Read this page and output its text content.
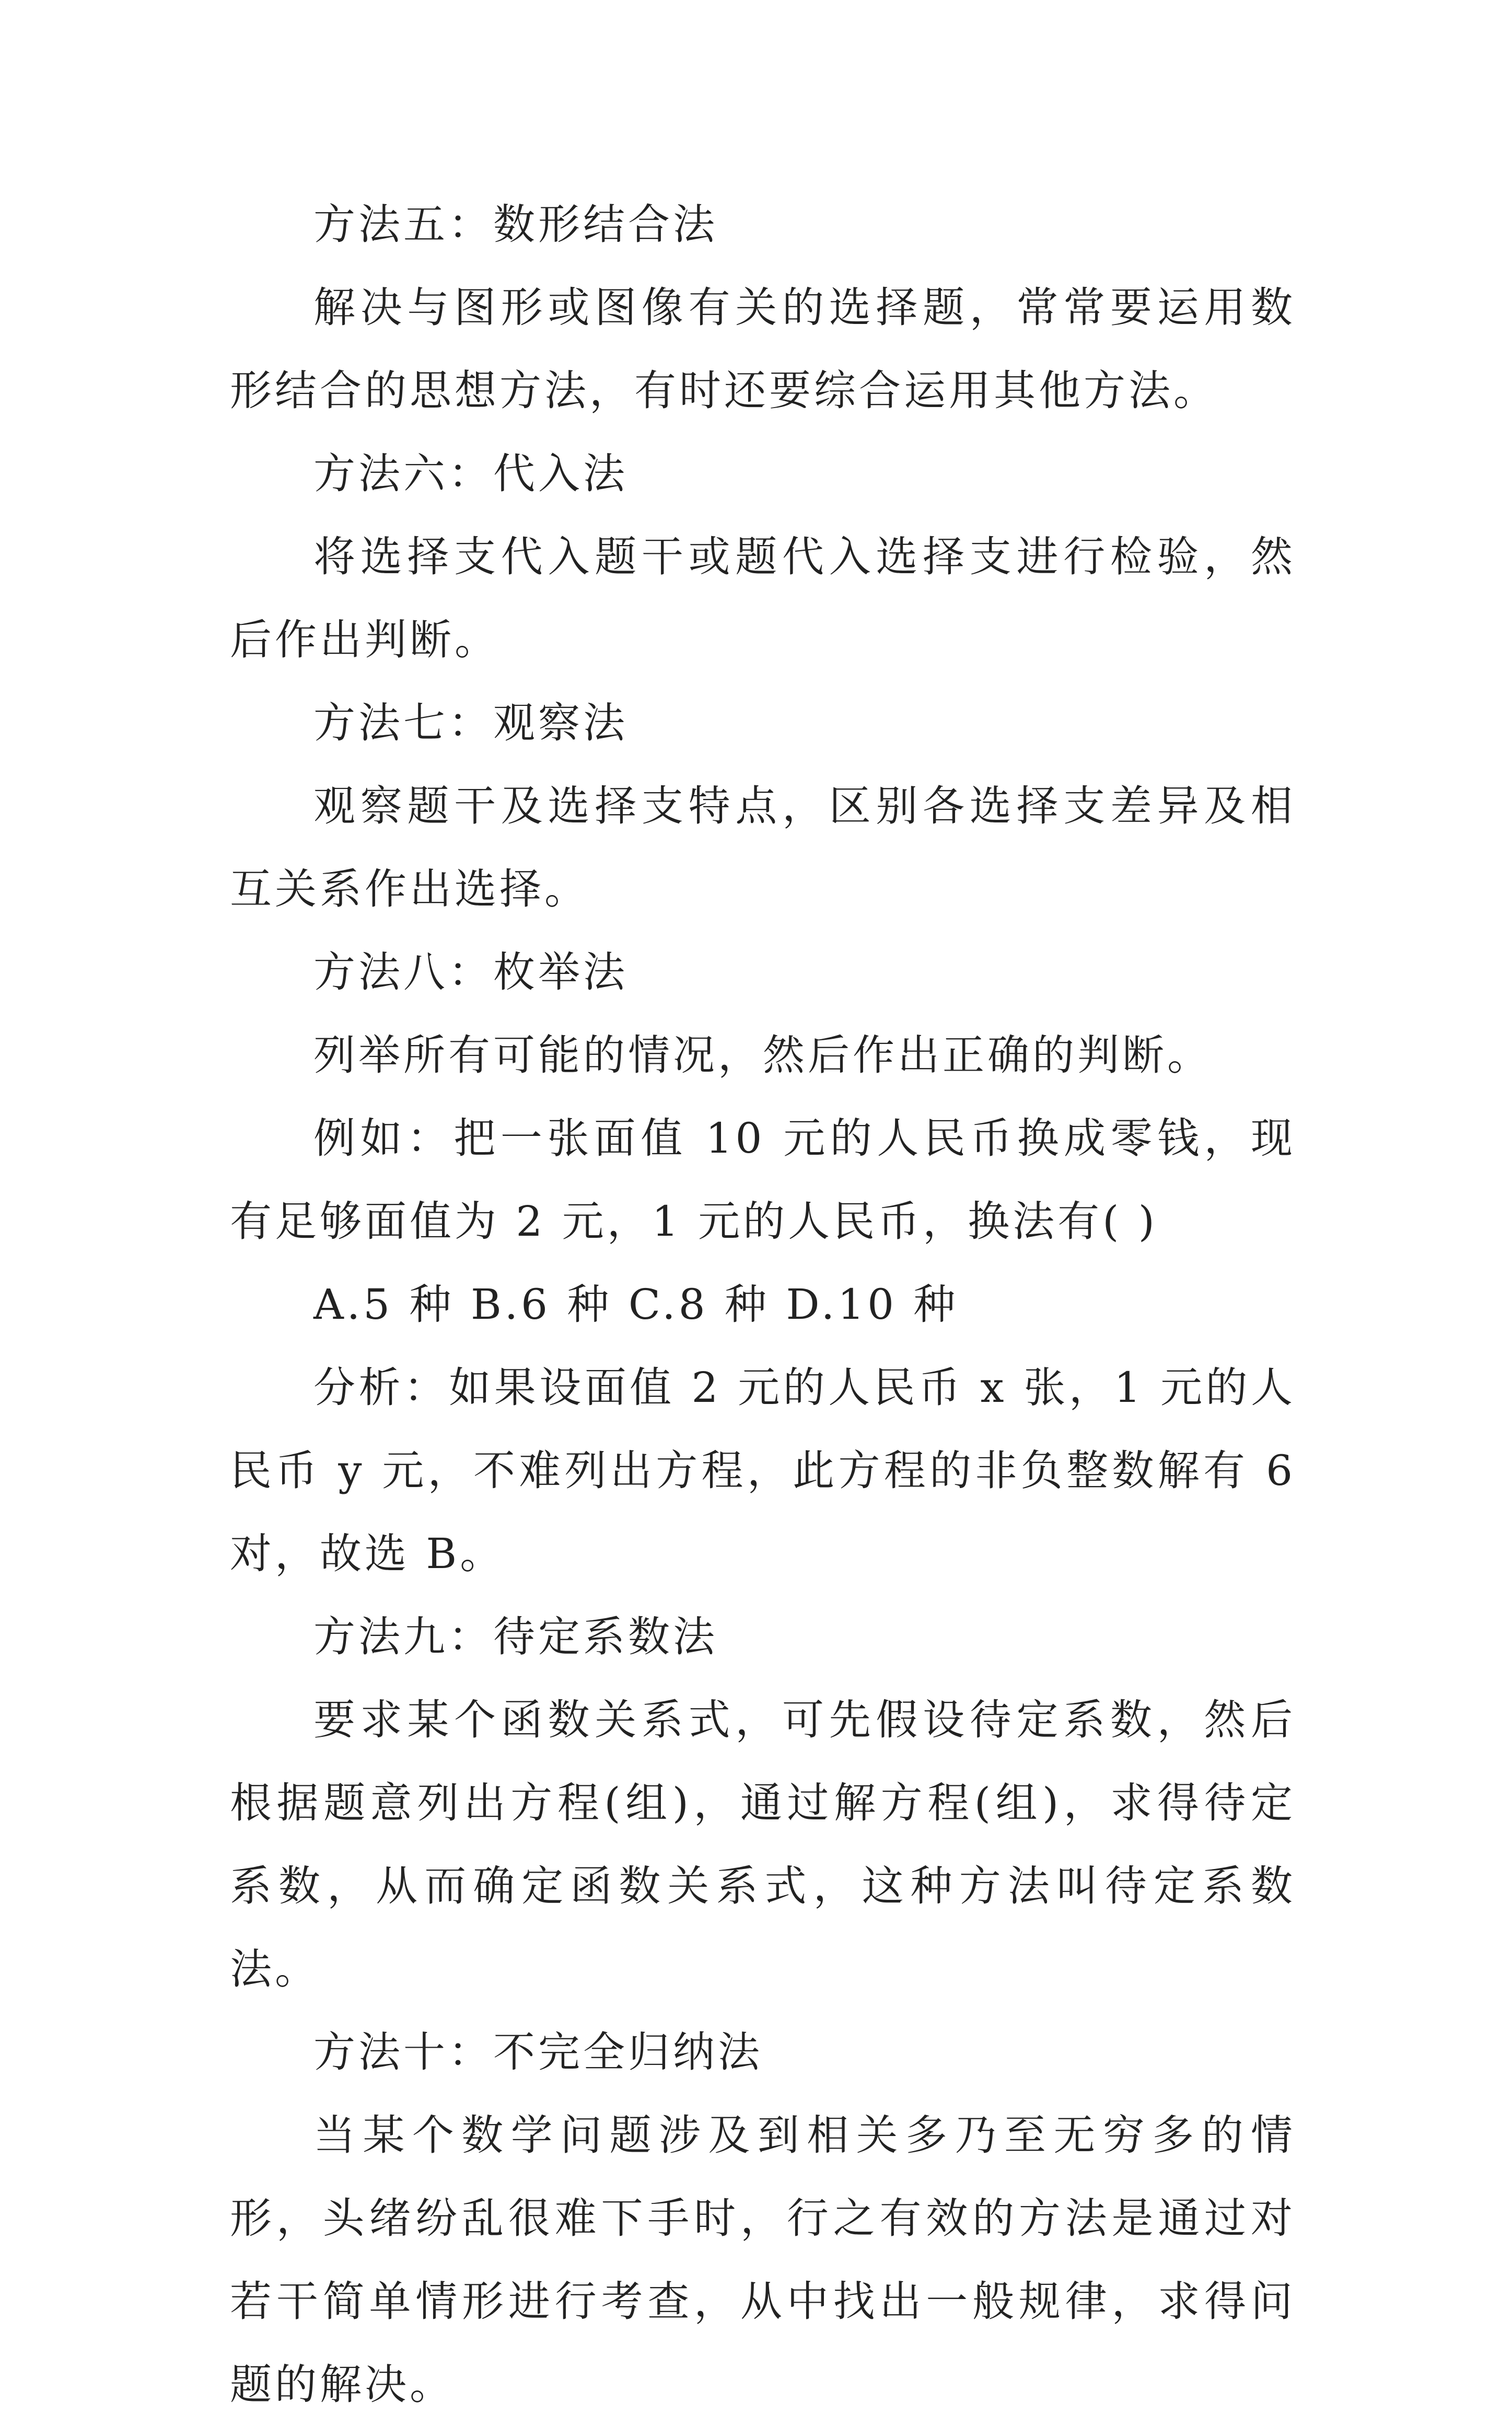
方法五：数形结合法

解决与图形或图像有关的选择题，常常要运用数形结合的思想方法，有时还要综合运用其他方法。

方法六：代入法

将选择支代入题干或题代入选择支进行检验，然后作出判断。

方法七：观察法

观察题干及选择支特点，区别各选择支差异及相互关系作出选择。

方法八：枚举法

列举所有可能的情况，然后作出正确的判断。

例如：把一张面值 10 元的人民币换成零钱，现有足够面值为 2 元，1 元的人民币，换法有( )

A.5 种 B.6 种 C.8 种 D.10 种

分析：如果设面值 2 元的人民币 x 张，1 元的人民币 y 元，不难列出方程，此方程的非负整数解有 6 对，故选 B。

方法九：待定系数法

要求某个函数关系式，可先假设待定系数，然后根据题意列出方程(组)，通过解方程(组)，求得待定系数，从而确定函数关系式，这种方法叫待定系数法。

方法十：不完全归纳法

当某个数学问题涉及到相关多乃至无穷多的情形，头绪纷乱很难下手时，行之有效的方法是通过对若干简单情形进行考查，从中找出一般规律，求得问题的解决。
